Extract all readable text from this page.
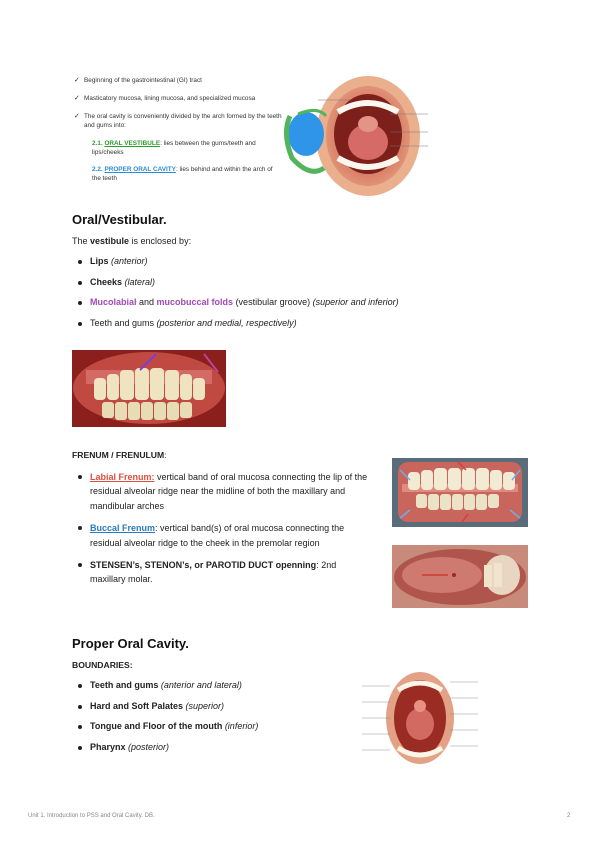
✓ Beginning of the gastrointestinal (GI) tract
✓ Masticatory mucosa, lining mucosa, and specialized mucosa
✓ The oral cavity is conveniently divided by the arch formed by the teeth and gums into:
2.1. ORAL VESTIBULE: lies between the gums/teeth and lips/cheeks
2.2. PROPER ORAL CAVITY: lies behind and within the arch of the teeth
Oral/Vestibular.
The vestibule is enclosed by:
Lips (anterior)
Cheeks (lateral)
Mucolabial and mucobuccal folds (vestibular groove) (superior and inferior)
Teeth and gums (posterior and medial, respectively)
FRENUM / FRENULUM:
Labial Frenum: vertical band of oral mucosa connecting the lip of the residual alveolar ridge near the midline of both the maxillary and mandibular arches
Buccal Frenum: vertical band(s) of oral mucosa connecting the residual alveolar ridge to the cheek in the premolar region
STENSEN’s, STENON’s, or PAROTID DUCT openning: 2nd maxillary molar.
Proper Oral Cavity.
BOUNDARIES:
Teeth and gums (anterior and lateral)
Hard and Soft Palates (superior)
Tongue and Floor of the mouth (inferior)
Pharynx (posterior)
Unit 1. Introduction to PSS and Oral Cavity. DB.	2
